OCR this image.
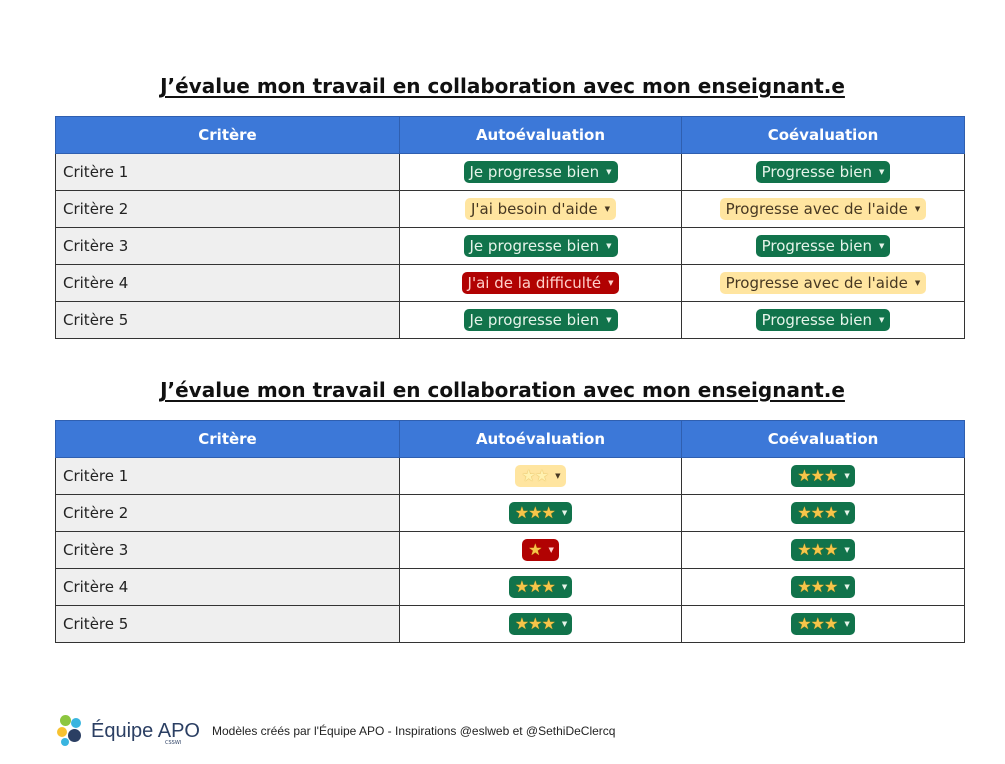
J’évalue mon travail en collaboration avec mon enseignant.e
Critère	Autoévaluation	Coévaluation
Critère 1	Je progresse bien ▼	Progresse bien ▼

Critère 2	J'ai besoin d'aide ▼	Progresse avec de l'aide ▼

Critère 3	Je progresse bien ▼	Progresse bien ▼

Critère 4	J'ai de la difficulté ▼	Progresse avec de l'aide ▼

Critère 5	Je progresse bien ▼	Progresse bien ▼
J’évalue mon travail en collaboration avec mon enseignant.e
Critère	Autoévaluation	Coévaluation
Critère 1	★ ★ ▼	★ ★ ★ ▼

Critère 2	★ ★ ★ ▼	★ ★ ★ ▼

Critère 3	★ ▼	★ ★ ★ ▼

Critère 4	★ ★ ★ ▼	★ ★ ★ ▼

Critère 5	★ ★ ★ ▼	★ ★ ★ ▼
Équipe APO
CSSWI
Modèles créés par l'Équipe APO - Inspirations @eslweb et @SethiDeClercq
